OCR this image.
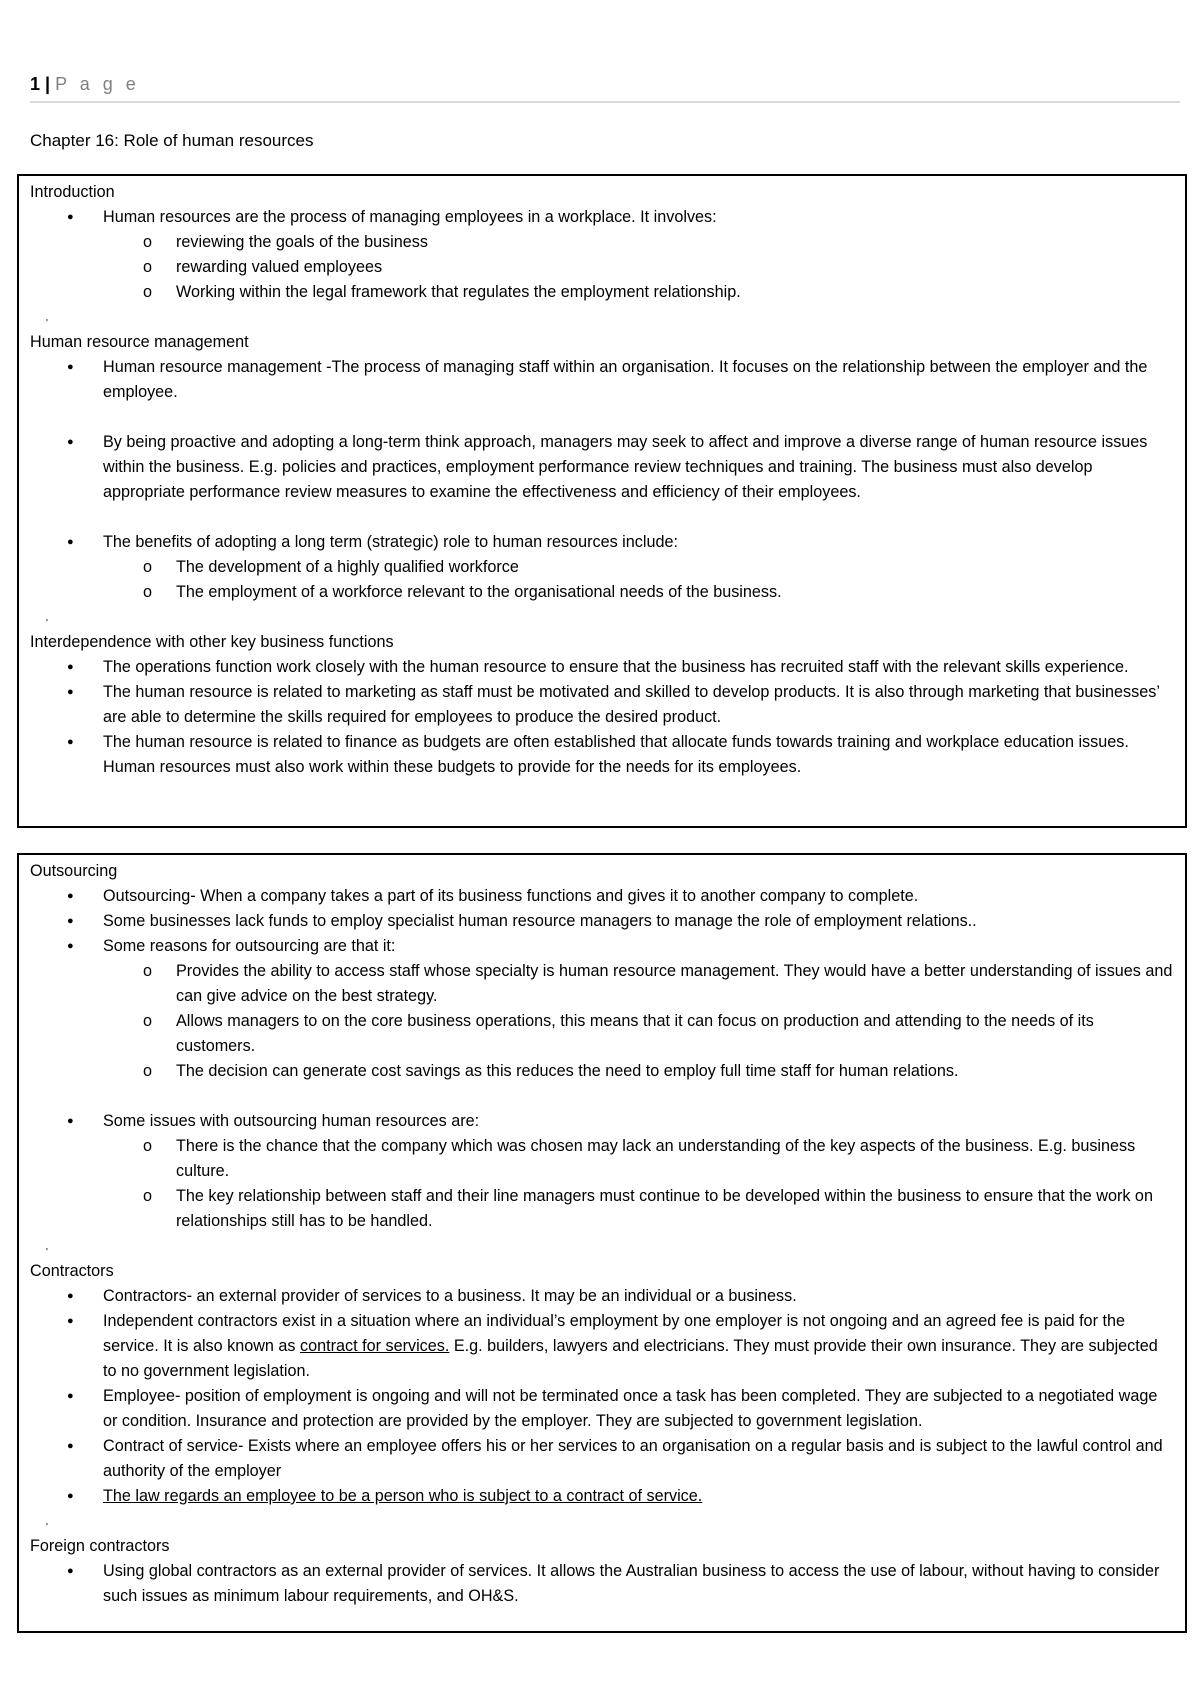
1 | P a g e
Chapter 16: Role of human resources
Introduction
● Human resources are the process of managing employees in a workplace. It involves:
o reviewing the goals of the business
o rewarding valued employees
o Working within the legal framework that regulates the employment relationship.
'
Human resource management
● Human resource management -The process of managing staff within an organisation. It focuses on the relationship between the employer and the employee.
● By being proactive and adopting a long-term think approach, managers may seek to affect and improve a diverse range of human resource issues within the business. E.g. policies and practices, employment performance review techniques and training. The business must also develop appropriate performance review measures to examine the effectiveness and efficiency of their employees.
● The benefits of adopting a long term (strategic) role to human resources include:
o The development of a highly qualified workforce
o The employment of a workforce relevant to the organisational needs of the business.
'
Interdependence with other key business functions
● The operations function work closely with the human resource to ensure that the business has recruited staff with the relevant skills experience.
● The human resource is related to marketing as staff must be motivated and skilled to develop products. It is also through marketing that businesses’ are able to determine the skills required for employees to produce the desired product.
● The human resource is related to finance as budgets are often established that allocate funds towards training and workplace education issues. Human resources must also work within these budgets to provide for the needs for its employees.
Outsourcing
● Outsourcing- When a company takes a part of its business functions and gives it to another company to complete.
● Some businesses lack funds to employ specialist human resource managers to manage the role of employment relations..
● Some reasons for outsourcing are that it:
o Provides the ability to access staff whose specialty is human resource management. They would have a better understanding of issues and can give advice on the best strategy.
o Allows managers to on the core business operations, this means that it can focus on production and attending to the needs of its customers.
o The decision can generate cost savings as this reduces the need to employ full time staff for human relations.
● Some issues with outsourcing human resources are:
o There is the chance that the company which was chosen may lack an understanding of the key aspects of the business. E.g. business culture.
o The key relationship between staff and their line managers must continue to be developed within the business to ensure that the work on relationships still has to be handled.
'
Contractors
● Contractors- an external provider of services to a business. It may be an individual or a business.
● Independent contractors exist in a situation where an individual’s employment by one employer is not ongoing and an agreed fee is paid for the service. It is also known as contract for services. E.g. builders, lawyers and electricians. They must provide their own insurance. They are subjected to no government legislation.
● Employee- position of employment is ongoing and will not be terminated once a task has been completed. They are subjected to a negotiated wage or condition. Insurance and protection are provided by the employer. They are subjected to government legislation.
● Contract of service- Exists where an employee offers his or her services to an organisation on a regular basis and is subject to the lawful control and authority of the employer
● The law regards an employee to be a person who is subject to a contract of service.
'
Foreign contractors
● Using global contractors as an external provider of services. It allows the Australian business to access the use of labour, without having to consider such issues as minimum labour requirements, and OH&S.
